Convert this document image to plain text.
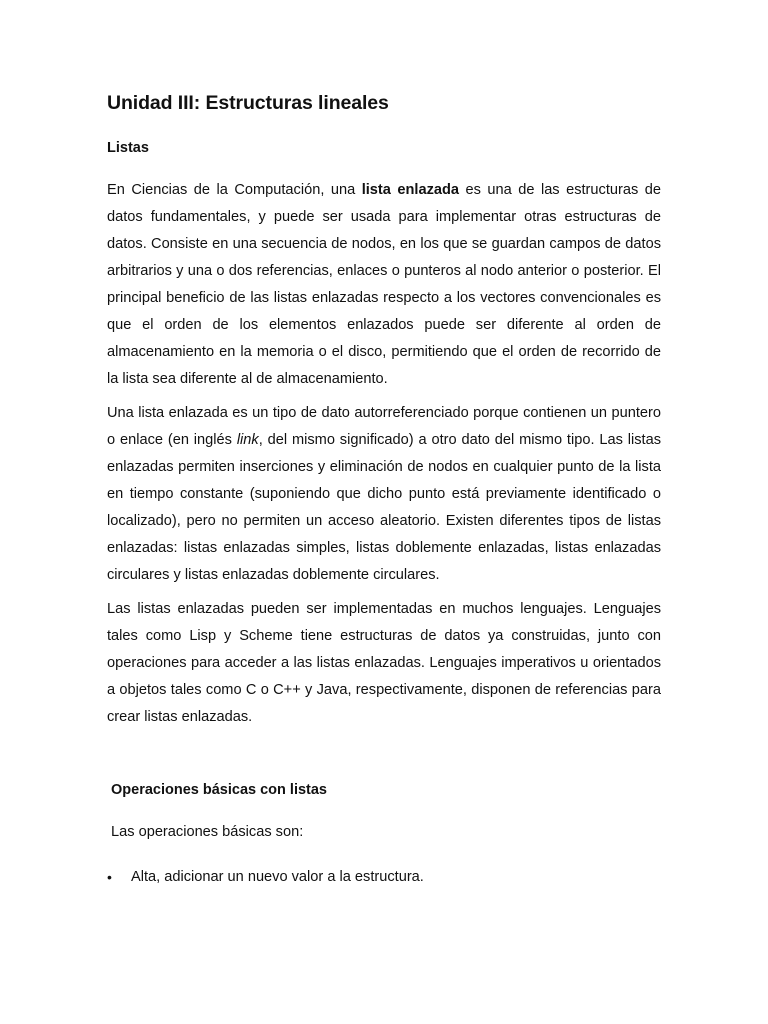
Unidad III: Estructuras lineales
Listas

En Ciencias de la Computación, una lista enlazada es una de las estructuras de datos fundamentales, y puede ser usada para implementar otras estructuras de datos. Consiste en una secuencia de nodos, en los que se guardan campos de datos arbitrarios y una o dos referencias, enlaces o punteros al nodo anterior o posterior. El principal beneficio de las listas enlazadas respecto a los vectores convencionales es que el orden de los elementos enlazados puede ser diferente al orden de almacenamiento en la memoria o el disco, permitiendo que el orden de recorrido de la lista sea diferente al de almacenamiento.

Una lista enlazada es un tipo de dato autorreferenciado porque contienen un puntero o enlace (en inglés link, del mismo significado) a otro dato del mismo tipo. Las listas enlazadas permiten inserciones y eliminación de nodos en cualquier punto de la lista en tiempo constante (suponiendo que dicho punto está previamente identificado o localizado), pero no permiten un acceso aleatorio. Existen diferentes tipos de listas enlazadas: listas enlazadas simples, listas doblemente enlazadas, listas enlazadas circulares y listas enlazadas doblemente circulares.

Las listas enlazadas pueden ser implementadas en muchos lenguajes. Lenguajes tales como Lisp y Scheme tiene estructuras de datos ya construidas, junto con operaciones para acceder a las listas enlazadas. Lenguajes imperativos u orientados a objetos tales como C o C++ y Java, respectivamente, disponen de referencias para crear listas enlazadas.

Operaciones básicas con listas

Las operaciones básicas son:

• Alta, adicionar un nuevo valor a la estructura.
